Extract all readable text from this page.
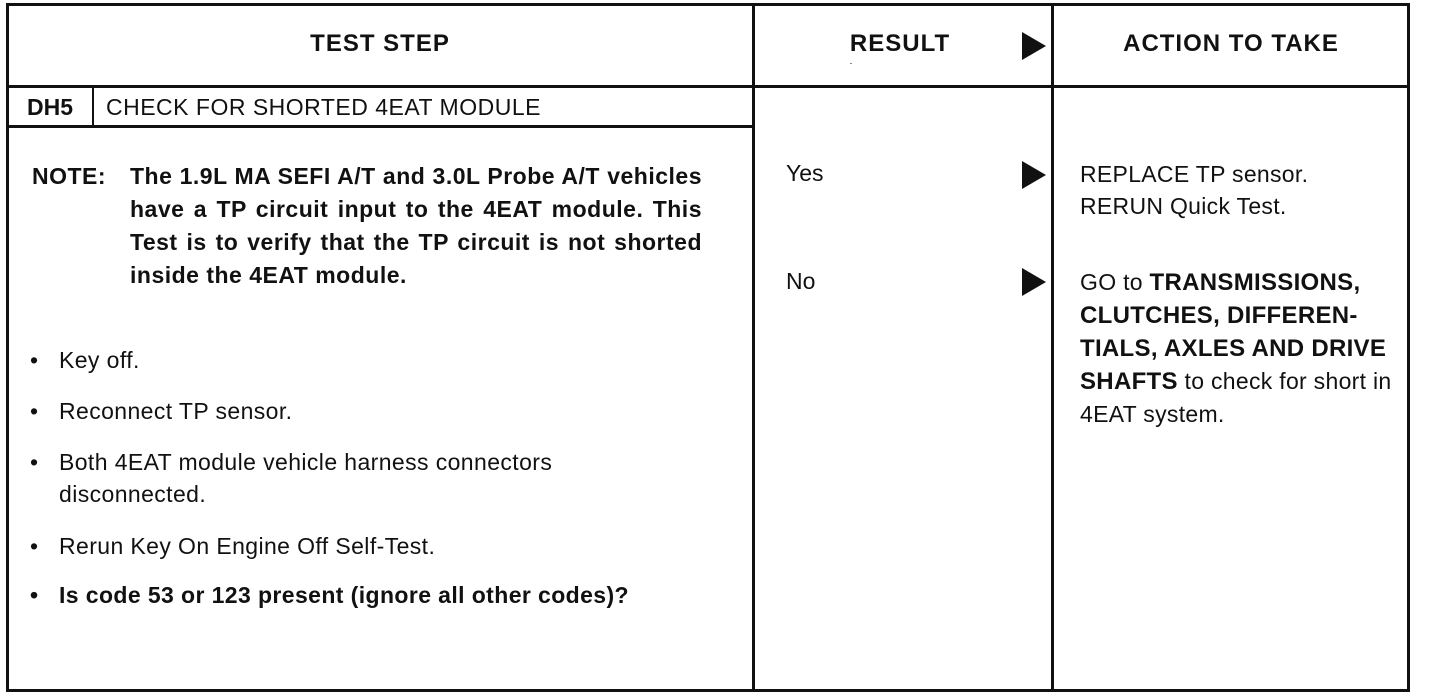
TEST STEP	RESULT	ACTION TO TAKE
DH5	CHECK FOR SHORTED 4EAT MODULE
NOTE: The 1.9L MA SEFI A/T and 3.0L Probe A/T vehicles have a TP circuit input to the 4EAT module. This Test is to verify that the TP circuit is not shorted inside the 4EAT module.
• Key off.
• Reconnect TP sensor.
• Both 4EAT module vehicle harness connectors disconnected.
• Rerun Key On Engine Off Self-Test.
• Is code 53 or 123 present (ignore all other codes)?
Yes	REPLACE TP sensor.
RERUN Quick Test.
No	GO to TRANSMISSIONS, CLUTCHES, DIFFEREN- TIALS, AXLES AND DRIVE SHAFTS to check for short in 4EAT system.
